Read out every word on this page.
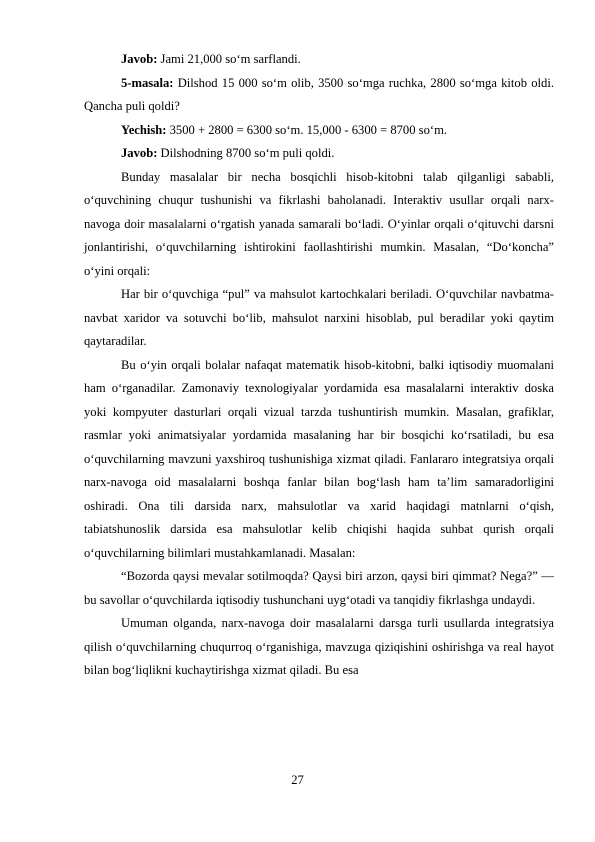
Javob: Jami 21,000 so‘m sarflandi.

5-masala: Dilshod 15 000 so‘m olib, 3500 so‘mga ruchka, 2800 so‘mga kitob oldi. Qancha puli qoldi?

Yechish: 3500 + 2800 = 6300 so‘m. 15,000 - 6300 = 8700 so‘m.

Javob: Dilshodning 8700 so‘m puli qoldi.

Bunday masalalar bir necha bosqichli hisob-kitobni talab qilganligi sababli, o‘quvchining chuqur tushunishi va fikrlashi baholanadi. Interaktiv usullar orqali narx-navoga doir masalalarni o‘rgatish yanada samarali bo‘ladi. O‘yinlar orqali o‘qituvchi darsni jonlantirishi, o‘quvchilarning ishtirokini faollashtirishi mumkin. Masalan, “Do‘koncha” o‘yini orqali:

Har bir o‘quvchiga “pul” va mahsulot kartochkalari beriladi. O‘quvchilar navbatma-navbat xaridor va sotuvchi bo‘lib, mahsulot narxini hisoblab, pul beradilar yoki qaytim qaytaradilar.

Bu o‘yin orqali bolalar nafaqat matematik hisob-kitobni, balki iqtisodiy muomalani ham o‘rganadilar. Zamonaviy texnologiyalar yordamida esa masalalarni interaktiv doska yoki kompyuter dasturlari orqali vizual tarzda tushuntirish mumkin. Masalan, grafiklar, rasmlar yoki animatsiyalar yordamida masalaning har bir bosqichi ko‘rsatiladi, bu esa o‘quvchilarning mavzuni yaxshiroq tushunishiga xizmat qiladi. Fanlararo integratsiya orqali narx-navoga oid masalalarni boshqa fanlar bilan bog‘lash ham ta’lim samaradorligini oshiradi. Ona tili darsida narx, mahsulotlar va xarid haqidagi matnlarni o‘qish, tabiatshunoslik darsida esa mahsulotlar kelib chiqishi haqida suhbat qurish orqali o‘quvchilarning bilimlari mustahkamlanadi. Masalan:

“Bozorda qaysi mevalar sotilmoqda? Qaysi biri arzon, qaysi biri qimmat? Nega?” — bu savollar o‘quvchilarda iqtisodiy tushunchani uyg‘otadi va tanqidiy fikrlashga undaydi.

Umuman olganda, narx-navoga doir masalalarni darsga turli usullarda integratsiya qilish o‘quvchilarning chuqurroq o‘rganishiga, mavzuga qiziqishini oshirishga va real hayot bilan bog‘liqlikni kuchaytirishga xizmat qiladi. Bu esa

27
